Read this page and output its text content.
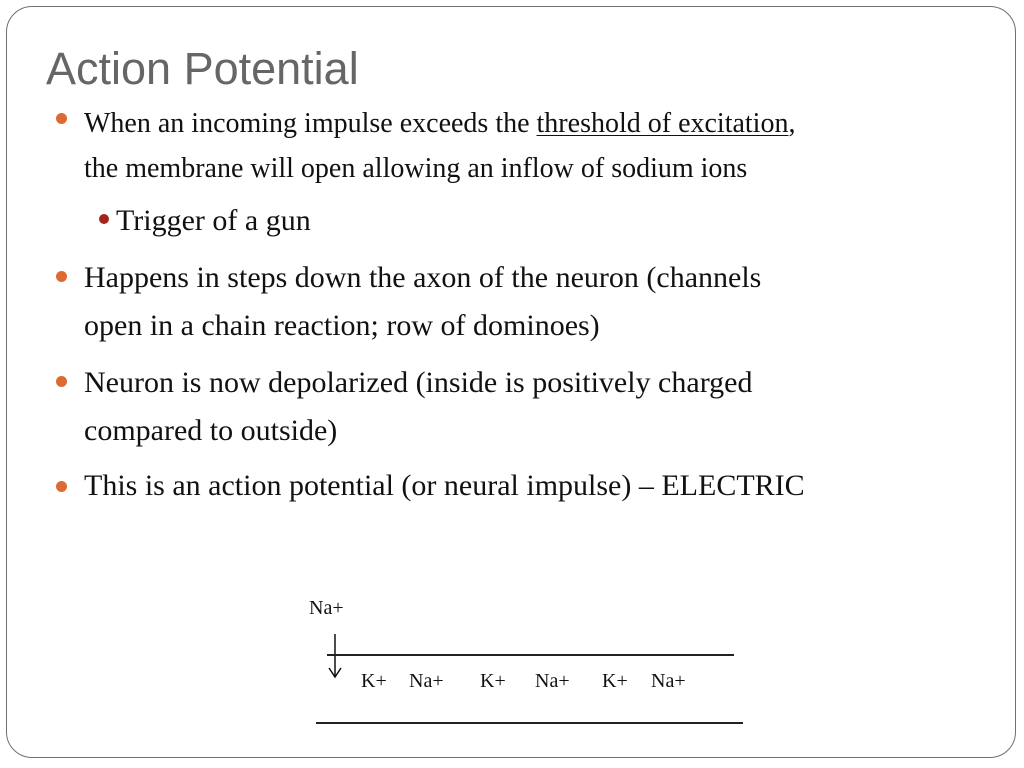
Action Potential
When an incoming impulse exceeds the threshold of excitation,
the membrane will open allowing an inflow of sodium ions
Trigger of a gun
Happens in steps down the axon of the neuron (channels
open in a chain reaction; row of dominoes)
Neuron is now depolarized (inside is positively charged
compared to outside)
This is an action potential (or neural impulse) – ELECTRIC
Na+
K+ Na+ K+ Na+ K+ Na+
